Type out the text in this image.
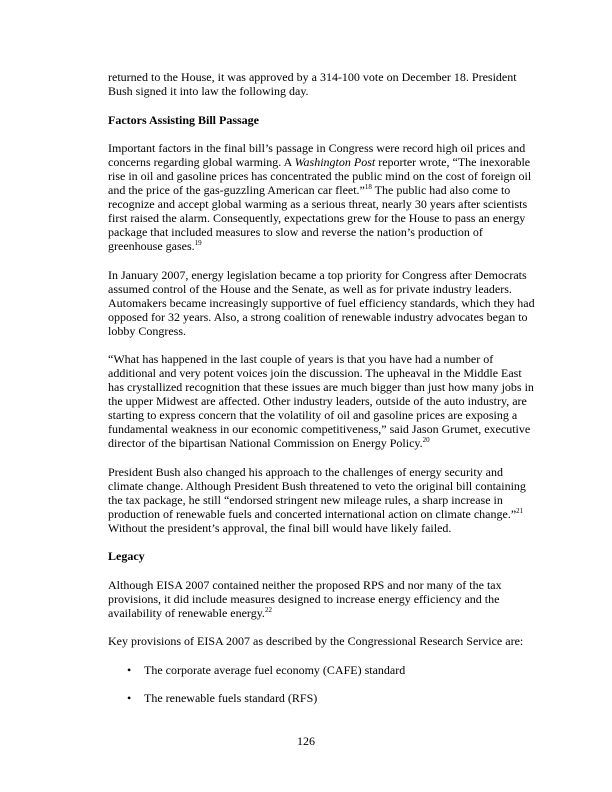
returned to the House, it was approved by a 314-100 vote on December 18. President
Bush signed it into law the following day.
Factors Assisting Bill Passage
Important factors in the final bill’s passage in Congress were record high oil prices and
concerns regarding global warming. A Washington Post reporter wrote, “The inexorable
rise in oil and gasoline prices has concentrated the public mind on the cost of foreign oil
and the price of the gas-guzzling American car fleet.”$^{18}$ The public had also come to
recognize and accept global warming as a serious threat, nearly 30 years after scientists
first raised the alarm. Consequently, expectations grew for the House to pass an energy
package that included measures to slow and reverse the nation’s production of
greenhouse gases.$^{19}$
In January 2007, energy legislation became a top priority for Congress after Democrats
assumed control of the House and the Senate, as well as for private industry leaders.
Automakers became increasingly supportive of fuel efficiency standards, which they had
opposed for 32 years. Also, a strong coalition of renewable industry advocates began to
lobby Congress.
“What has happened in the last couple of years is that you have had a number of
additional and very potent voices join the discussion. The upheaval in the Middle East
has crystallized recognition that these issues are much bigger than just how many jobs in
the upper Midwest are affected. Other industry leaders, outside of the auto industry, are
starting to express concern that the volatility of oil and gasoline prices are exposing a
fundamental weakness in our economic competitiveness,” said Jason Grumet, executive
director of the bipartisan National Commission on Energy Policy.$^{20}$
President Bush also changed his approach to the challenges of energy security and
climate change. Although President Bush threatened to veto the original bill containing
the tax package, he still “endorsed stringent new mileage rules, a sharp increase in
production of renewable fuels and concerted international action on climate change.”$^{21}$
Without the president’s approval, the final bill would have likely failed.
Legacy
Although EISA 2007 contained neither the proposed RPS and nor many of the tax
provisions, it did include measures designed to increase energy efficiency and the
availability of renewable energy.$^{22}$
Key provisions of EISA 2007 as described by the Congressional Research Service are:
• The corporate average fuel economy (CAFE) standard
• The renewable fuels standard (RFS)
126
